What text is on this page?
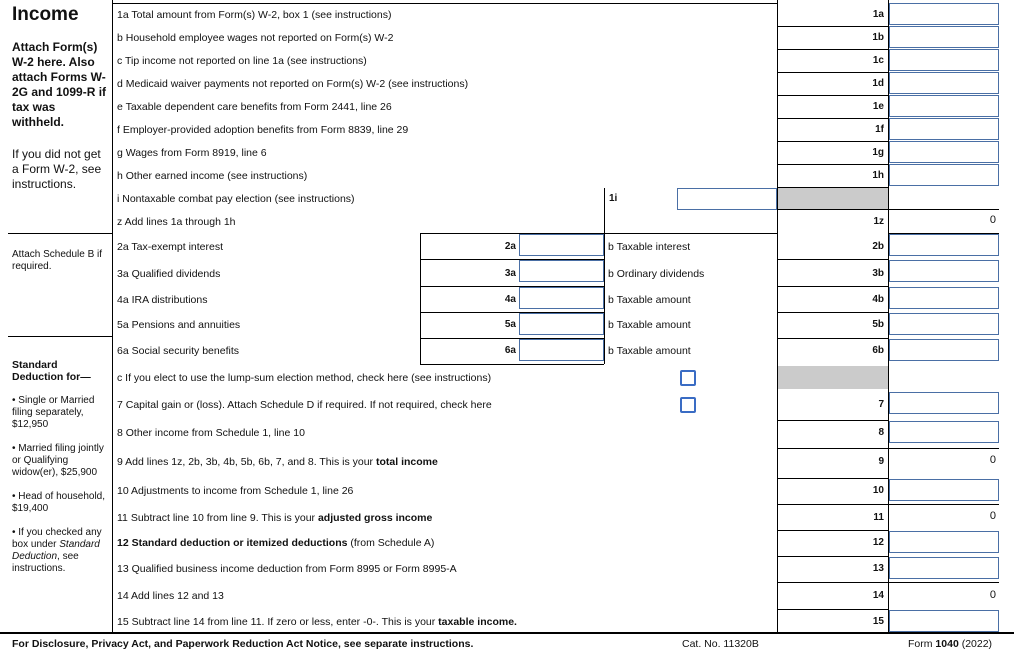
Income
Attach Form(s) W-2 here. Also attach Forms W-2G and 1099-R if tax was withheld.
If you did not get a Form W-2, see instructions.
Attach Schedule B if required.
Standard Deduction for—
• Single or Married filing separately, $12,950
• Married filing jointly or Qualifying widow(er), $25,900
• Head of household, $19,400
• If you checked any box under Standard Deduction, see instructions.
1a Total amount from Form(s) W-2, box 1 (see instructions)	1a
b Household employee wages not reported on Form(s) W-2	1b
c Tip income not reported on line 1a (see instructions)	1c
d Medicaid waiver payments not reported on Form(s) W-2 (see instructions)	1d
e Taxable dependent care benefits from Form 2441, line 26	1e
f Employer-provided adoption benefits from Form 8839, line 29	1f
g Wages from Form 8919, line 6	1g
h Other earned income (see instructions)	1h
i Nontaxable combat pay election (see instructions)	1i
z Add lines 1a through 1h	1z	0
2a Tax-exempt interest	2a	b Taxable interest	2b
3a Qualified dividends	3a	b Ordinary dividends	3b
4a IRA distributions	4a	b Taxable amount	4b
5a Pensions and annuities	5a	b Taxable amount	5b
6a Social security benefits	6a	b Taxable amount	6b
c If you elect to use the lump-sum election method, check here (see instructions)
7 Capital gain or (loss). Attach Schedule D if required. If not required, check here	7
8 Other income from Schedule 1, line 10	8
9 Add lines 1z, 2b, 3b, 4b, 5b, 6b, 7, and 8. This is your total income	9	0
10 Adjustments to income from Schedule 1, line 26	10
11 Subtract line 10 from line 9. This is your adjusted gross income	11	0
12 Standard deduction or itemized deductions (from Schedule A)	12
13 Qualified business income deduction from Form 8995 or Form 8995-A	13
14 Add lines 12 and 13	14	0
15 Subtract line 14 from line 11. If zero or less, enter -0-. This is your taxable income.	15
For Disclosure, Privacy Act, and Paperwork Reduction Act Notice, see separate instructions.	Cat. No. 11320B	Form 1040 (2022)
